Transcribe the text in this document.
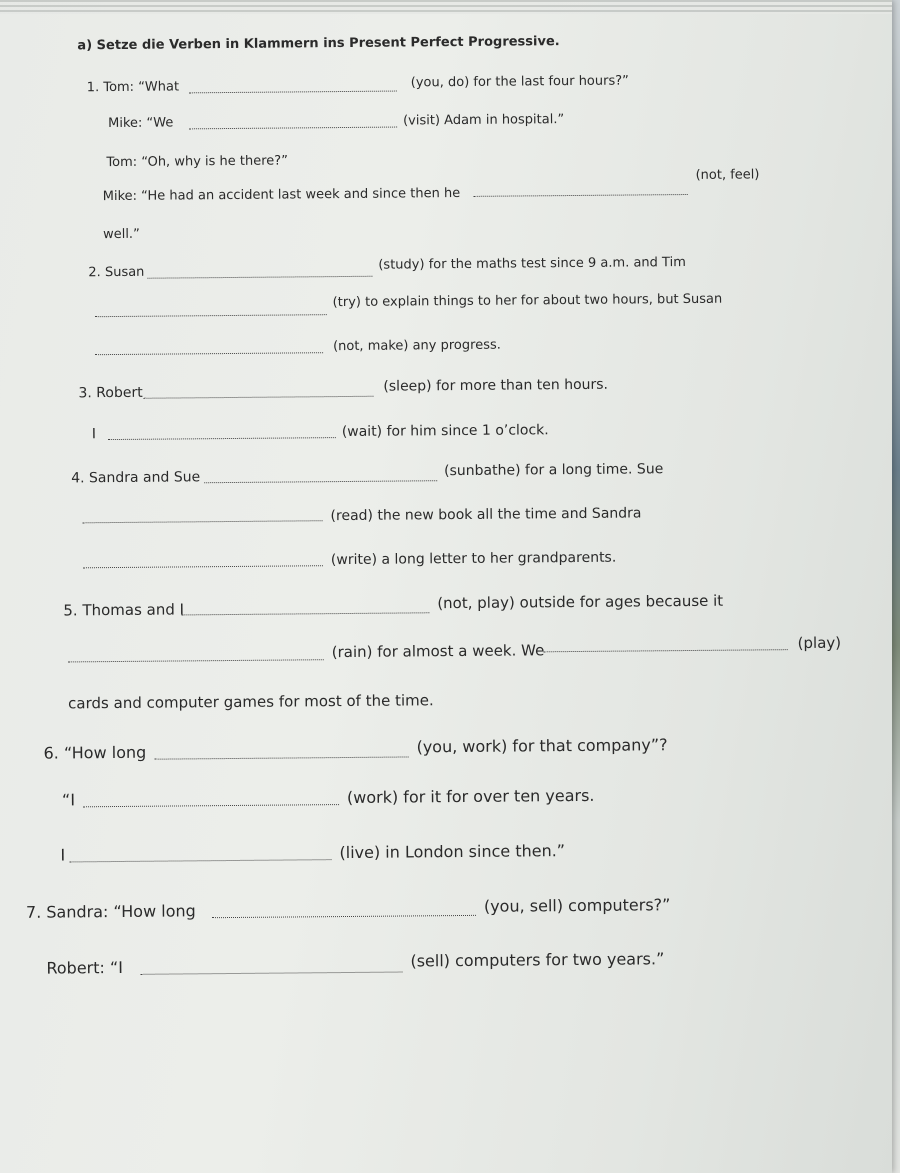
a) Setze die Verben in Klammern ins Present Perfect Progressive.
1. Tom: “What	(you, do) for the last four hours?”
Mike: “We	(visit) Adam in hospital.”
Tom: “Oh, why is he there?”
Mike: “He had an accident last week and since then he
(not, feel)
well.”
2. Susan	(study) for the maths test since 9 a.m. and Tim
(try) to explain things to her for about two hours, but Susan
(not, make) any progress.
3. Robert	(sleep) for more than ten hours.
I	(wait) for him since 1 o’clock.
4. Sandra and Sue	(sunbathe) for a long time. Sue
(read) the new book all the time and Sandra
(write) a long letter to her grandparents.
5. Thomas and I	(not, play) outside for ages because it
(rain) for almost a week. We	(play)
cards and computer games for most of the time.
6. “How long	(you, work) for that company”?
“I	(work) for it for over ten years.
I	(live) in London since then.”
7. Sandra: “How long	(you, sell) computers?”
Robert: “I	(sell) computers for two years.”
